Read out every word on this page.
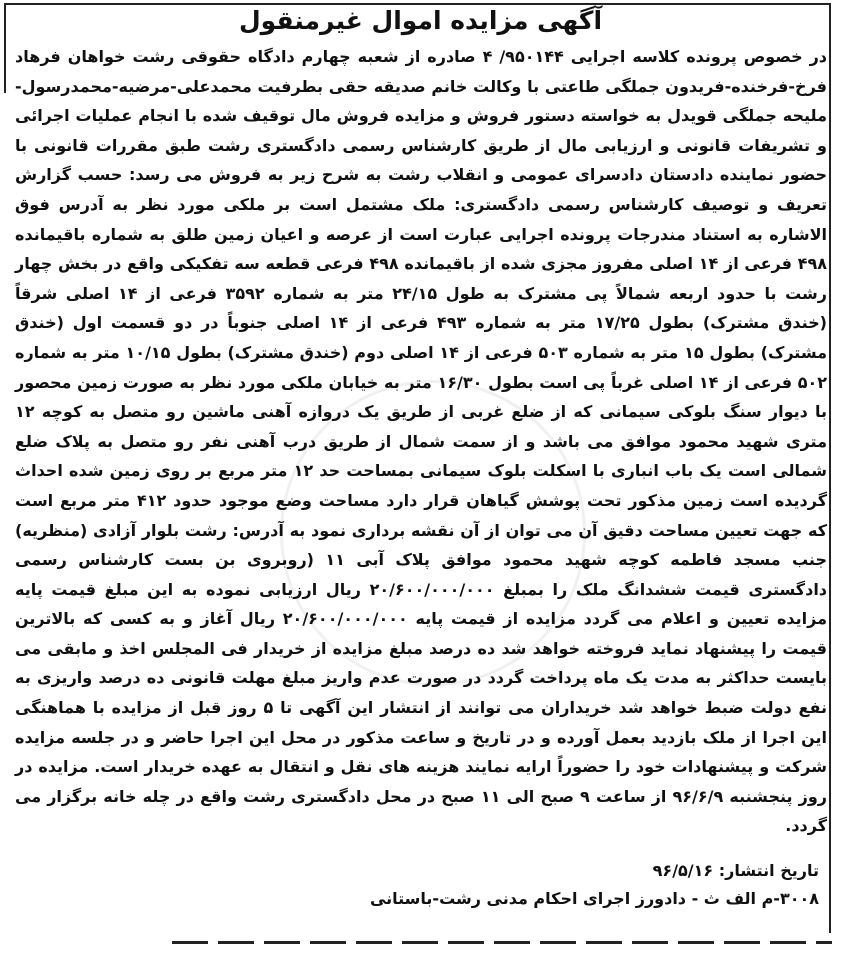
آگهی مزایده اموال غیرمنقول

در خصوص پرونده کلاسه اجرایی ۹۵۰۱۴۴/ ۴ صادره از شعبه چهارم دادگاه حقوقی رشت خواهان فرهاد فرخ-فرخنده-فریدون جملگی طاعتی با وکالت خانم صدیقه حقی بطرفیت محمدعلی-مرضیه-محمدرسول-ملیحه جملگی قویدل به خواسته دستور فروش و مزایده فروش مال توقیف شده با انجام عملیات اجرائی و تشریفات قانونی و ارزیابی مال از طریق کارشناس رسمی دادگستری رشت طبق مقررات قانونی با حضور نماینده دادستان دادسرای عمومی و انقلاب رشت به شرح زیر به فروش می رسد: حسب گزارش تعریف و توصیف کارشناس رسمی دادگستری: ملک مشتمل است بر ملکی مورد نظر به آدرس فوق الاشاره به استناد مندرجات پرونده اجرایی عبارت است از عرصه و اعیان زمین طلق به شماره باقیمانده ۴۹۸ فرعی از ۱۴ اصلی مفروز مجزی شده از باقیمانده ۴۹۸ فرعی قطعه سه تفکیکی واقع در بخش چهار رشت با حدود اربعه شمالاً پی مشترک به طول ۲۴/۱۵ متر به شماره ۳۵۹۲ فرعی از ۱۴ اصلی شرقاً (خندق مشترک) بطول ۱۷/۲۵ متر به شماره ۴۹۳ فرعی از ۱۴ اصلی جنوباً در دو قسمت اول (خندق مشترک) بطول ۱۵ متر به شماره ۵۰۳ فرعی از ۱۴ اصلی دوم (خندق مشترک) بطول ۱۰/۱۵ متر به شماره ۵۰۲ فرعی از ۱۴ اصلی غرباً پی است بطول ۱۶/۳۰ متر به خیابان ملکی مورد نظر به صورت زمین محصور با دیوار سنگ بلوکی سیمانی که از ضلع غربی از طریق یک دروازه آهنی ماشین رو متصل به کوچه ۱۲ متری شهید محمود موافق می باشد و از سمت شمال از طریق درب آهنی نفر رو متصل به پلاک ضلع شمالی است یک باب انباری با اسکلت بلوک سیمانی بمساحت حد ۱۲ متر مربع بر روی زمین شده احداث گردیده است زمین مذکور تحت پوشش گیاهان قرار دارد مساحت وضع موجود حدود ۴۱۲ متر مربع است که جهت تعیین مساحت دقیق آن می توان از آن نقشه برداری نمود به آدرس: رشت بلوار آزادی (منظریه) جنب مسجد فاطمه کوچه شهید محمود موافق پلاک آبی ۱۱ (روبروی بن بست کارشناس رسمی دادگستری قیمت ششدانگ ملک را بمبلغ ۲۰/۶۰۰/۰۰۰/۰۰۰ ریال ارزیابی نموده به این مبلغ قیمت پایه مزایده تعیین و اعلام می گردد مزایده از قیمت پایه ۲۰/۶۰۰/۰۰۰/۰۰۰ ریال آغاز و به کسی که بالاترین قیمت را پیشنهاد نماید فروخته خواهد شد ده درصد مبلغ مزایده از خریدار فی المجلس اخذ و مابقی می بایست حداکثر به مدت یک ماه پرداخت گردد در صورت عدم واریز مبلغ مهلت قانونی ده درصد واریزی به نفع دولت ضبط خواهد شد خریداران می توانند از انتشار این آگهی تا ۵ روز قبل از مزایده با هماهنگی این اجرا از ملک بازدید بعمل آورده و در تاریخ و ساعت مذکور در محل این اجرا حاضر و در جلسه مزایده شرکت و پیشنهادات خود را حضوراً ارایه نمایند هزینه های نقل و انتقال به عهده خریدار است. مزایده در روز پنجشنبه ۹۶/۶/۹ از ساعت ۹ صبح الی ۱۱ صبح در محل دادگستری رشت واقع در چله خانه برگزار می گردد.

تاریخ انتشار: ۹۶/۵/۱۶
۳۰۰۸-م الف ث - دادورز اجرای احکام مدنی رشت-باستانی
